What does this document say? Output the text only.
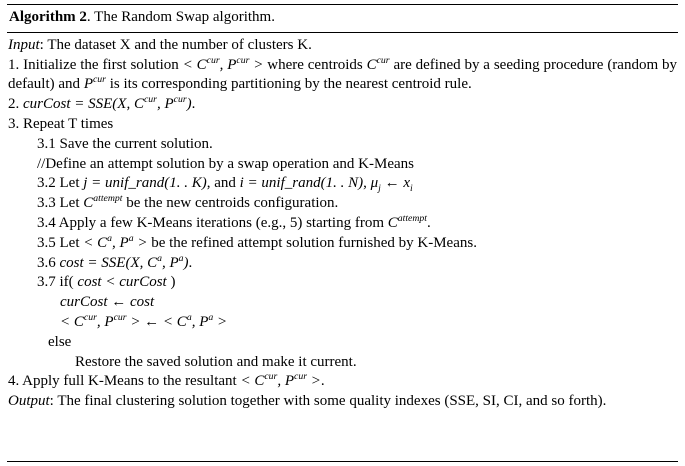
Algorithm 2. The Random Swap algorithm.
Input: The dataset X and the number of clusters K.
1. Initialize the first solution < $C^{cur}$, $P^{cur}$ > where centroids $C^{cur}$ are defined by a seeding procedure (random by default) and $P^{cur}$ is its corresponding partitioning by the nearest centroid rule.
2. curCost = SSE(X, $C^{cur}$, $P^{cur}$).
3. Repeat T times
3.1 Save the current solution.
//Define an attempt solution by a swap operation and K-Means
3.2 Let j = unif_rand(1. . K), and i = unif_rand(1. . N), $\mu_j$ ← $x_i$
3.3 Let $C^{attempt}$ be the new centroids configuration.
3.4 Apply a few K-Means iterations (e.g., 5) starting from $C^{attempt}$.
3.5 Let < $C^a$, $P^a$ > be the refined attempt solution furnished by K-Means.
3.6 cost = SSE(X, $C^a$, $P^a$).
3.7 if( cost < curCost )
curCost ← cost
< $C^{cur}$, $P^{cur}$ > ← < $C^a$, $P^a$ >
else
Restore the saved solution and make it current.
4. Apply full K-Means to the resultant < $C^{cur}$, $P^{cur}$ >.
Output: The final clustering solution together with some quality indexes (SSE, SI, CI, and so forth).
